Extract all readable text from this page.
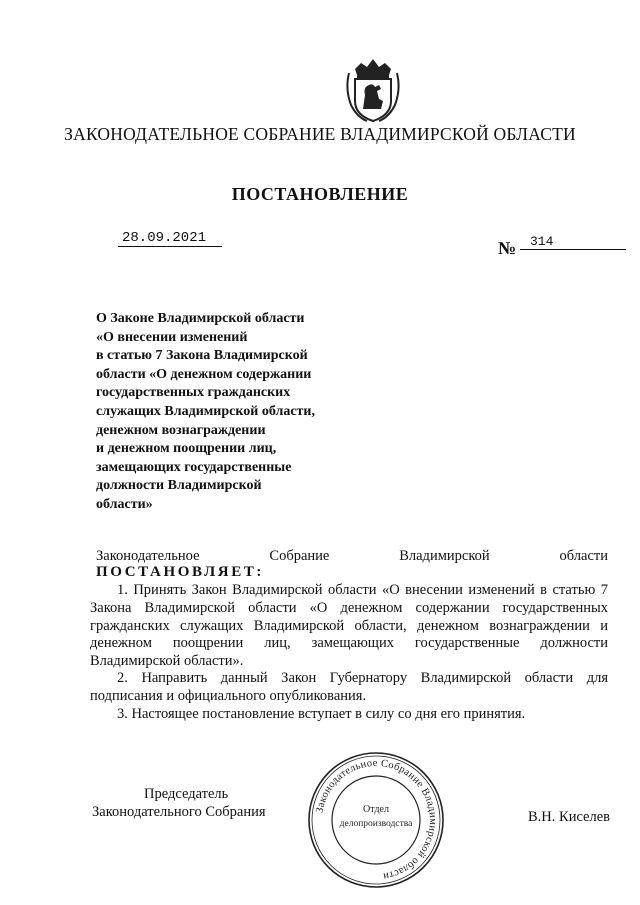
ЗАКОНОДАТЕЛЬНОЕ СОБРАНИЕ ВЛАДИМИРСКОЙ ОБЛАСТИ
ПОСТАНОВЛЕНИЕ
28.09.2021	№	314
О Законе Владимирской области
«О внесении изменений
в статью 7 Закона Владимирской
области «О денежном содержании
государственных гражданских
служащих Владимирской области,
денежном вознаграждении
и денежном поощрении лиц,
замещающих государственные
должности Владимирской
области»
Законодательное	Собрание	Владимирской	области
ПОСТАНОВЛЯЕТ:
1. Принять Закон Владимирской области «О внесении изменений в статью 7 Закона Владимирской области «О денежном содержании государственных гражданских служащих Владимирской области, денежном вознаграждении и денежном поощрении лиц, замещающих государственные должности Владимирской области».
2. Направить данный Закон Губернатору Владимирской области для подписания и официального опубликования.
3. Настоящее постановление вступает в силу со дня его принятия.
Председатель
Законодательного Собрания	В.Н. Киселев
Законодательное Собрание Владимирской области
Отдел
делопроизводства
